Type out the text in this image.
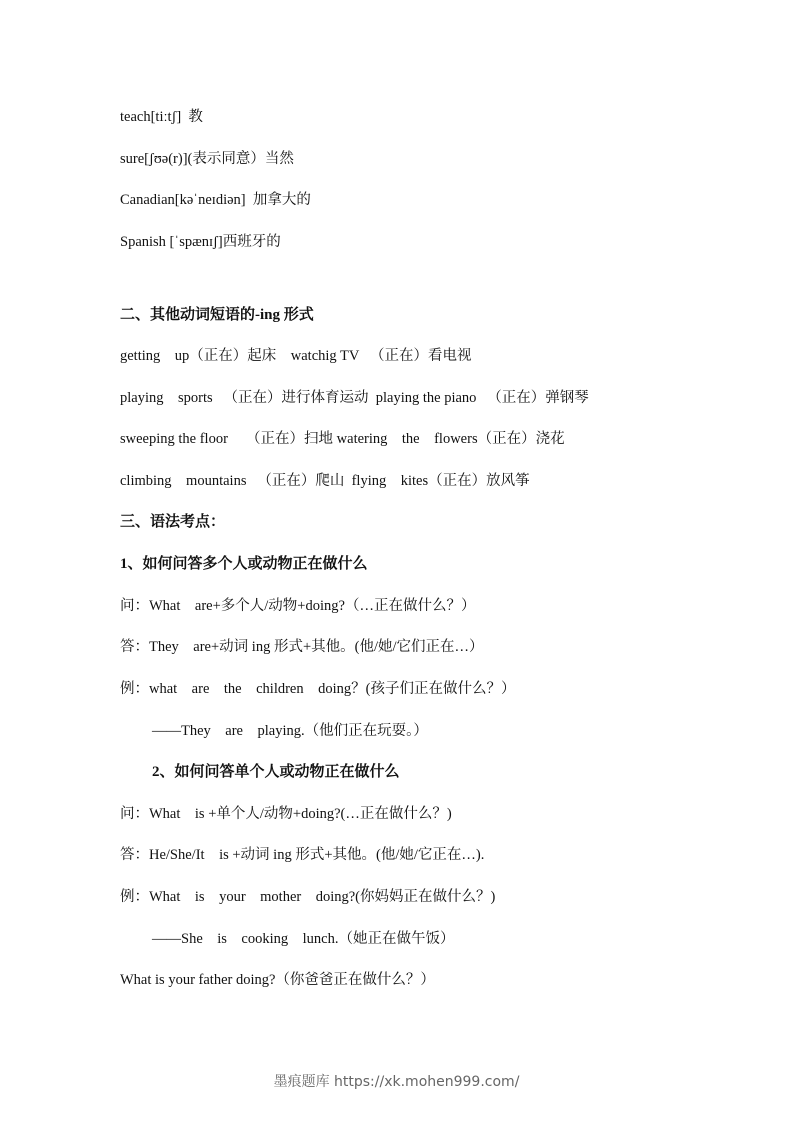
teach[tiːtʃ]  教
sure[ʃʊə(r)](表示同意）当然
Canadian[kəˈneɪdiən]  加拿大的
Spanish [ˈspænɪʃ]西班牙的
二、其他动词短语的-ing 形式
getting    up（正在）起床    watchig TV   （正在）看电视
playing    sports   （正在）进行体育运动  playing the piano   （正在）弹钢琴
sweeping the floor     （正在）扫地 watering    the    flowers（正在）浇花
climbing    mountains   （正在）爬山  flying    kites（正在）放风筝
三、语法考点：
1、如何问答多个人或动物正在做什么
问：What    are+多个人/动物+doing?（…正在做什么？）
答：They    are+动词 ing 形式+其他。(他/她/它们正在…）
例：what    are    the    children    doing？(孩子们正在做什么？）
——They    are    playing.（他们正在玩耍。）
2、如何问答单个人或动物正在做什么
问：What    is +单个人/动物+doing?(…正在做什么？)
答：He/She/It    is +动词 ing 形式+其他。(他/她/它正在…).
例：What    is    your    mother    doing?(你妈妈正在做什么？)
——She    is    cooking    lunch.（她正在做午饭）
What is your father doing?（你爸爸正在做什么？）
墨痕题库 https://xk.mohen999.com/
